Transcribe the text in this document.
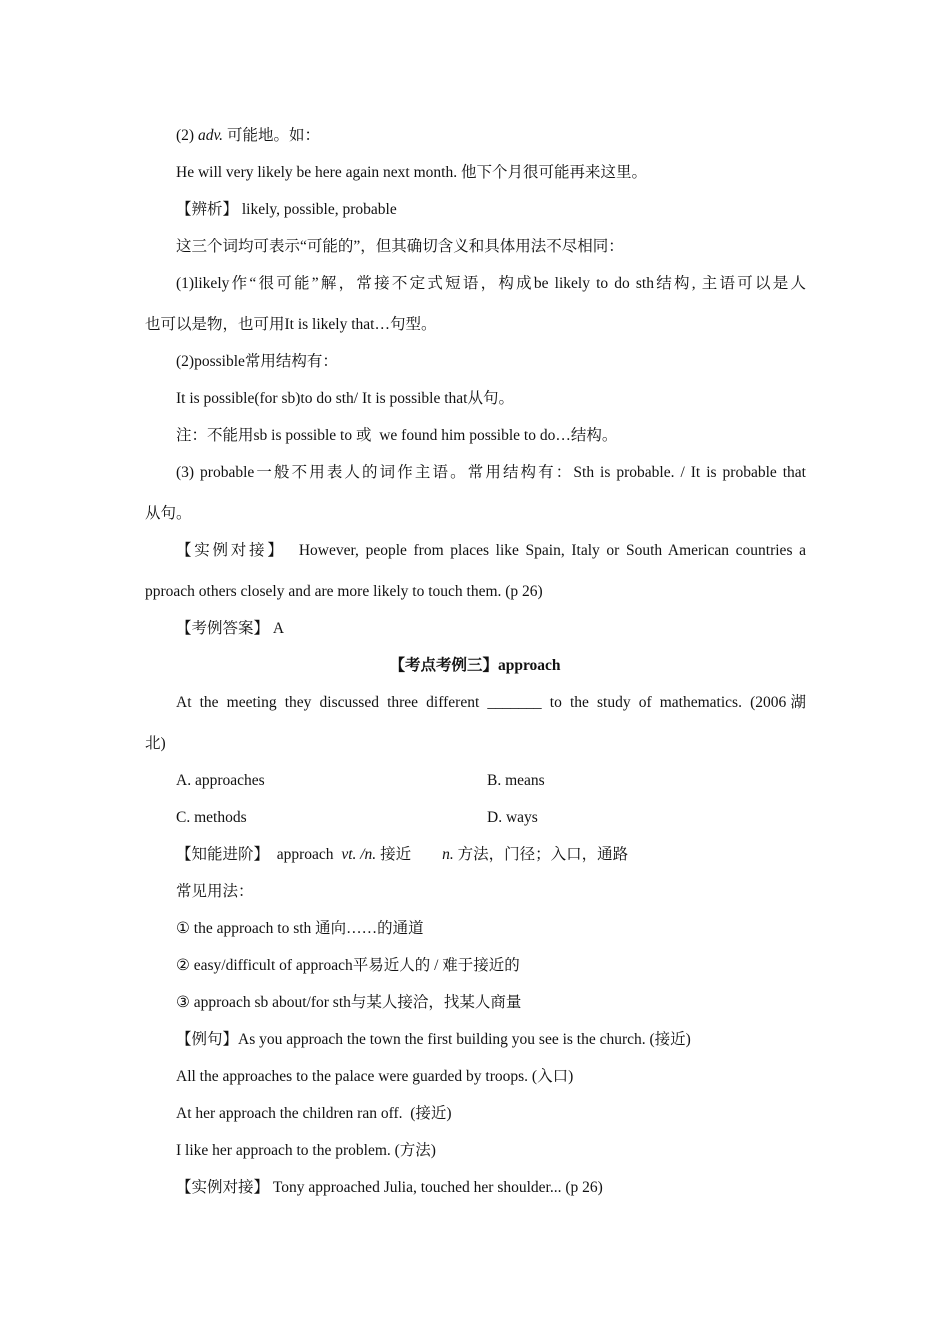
(2) adv. 可能地。如：
He will very likely be here again next month. 他下个月很可能再来这里。
【辨析】 likely, possible, probable
这三个词均可表示“可能的”，但其确切含义和具体用法不尽相同：
(1)likely作“很可能”解，常接不定式短语，构成be likely to do sth结构, 主语可以是人
也可以是物，也可用It is likely that…句型。
(2)possible常用结构有：
It is possible(for sb)to do sth/ It is possible that从句。
注：不能用sb is possible to 或  we found him possible to do…结构。
(3) probable一般不用表人的词作主语。常用结构有：Sth is probable. / It is probable that
从句。
【实例对接】  However, people from places like Spain, Italy or South American countries a
pproach others closely and are more likely to touch them. (p 26)
【考例答案】 A
【考点考例三】approach
At the meeting they discussed three different _______ to the study of mathematics. (2006湖
北)
A. approaches	B. means
C. methods	D. ways
【知能进阶】  approach  vt. /n. 接近        n. 方法，门径；入口，通路
常见用法：
① the approach to sth 通向……的通道
② easy/difficult of approach平易近人的 / 难于接近的
③ approach sb about/for sth与某人接洽，找某人商量
【例句】As you approach the town the first building you see is the church. (接近)
All the approaches to the palace were guarded by troops. (入口)
At her approach the children ran off.  (接近)
I like her approach to the problem. (方法)
【实例对接】 Tony approached Julia, touched her shoulder... (p 26)
